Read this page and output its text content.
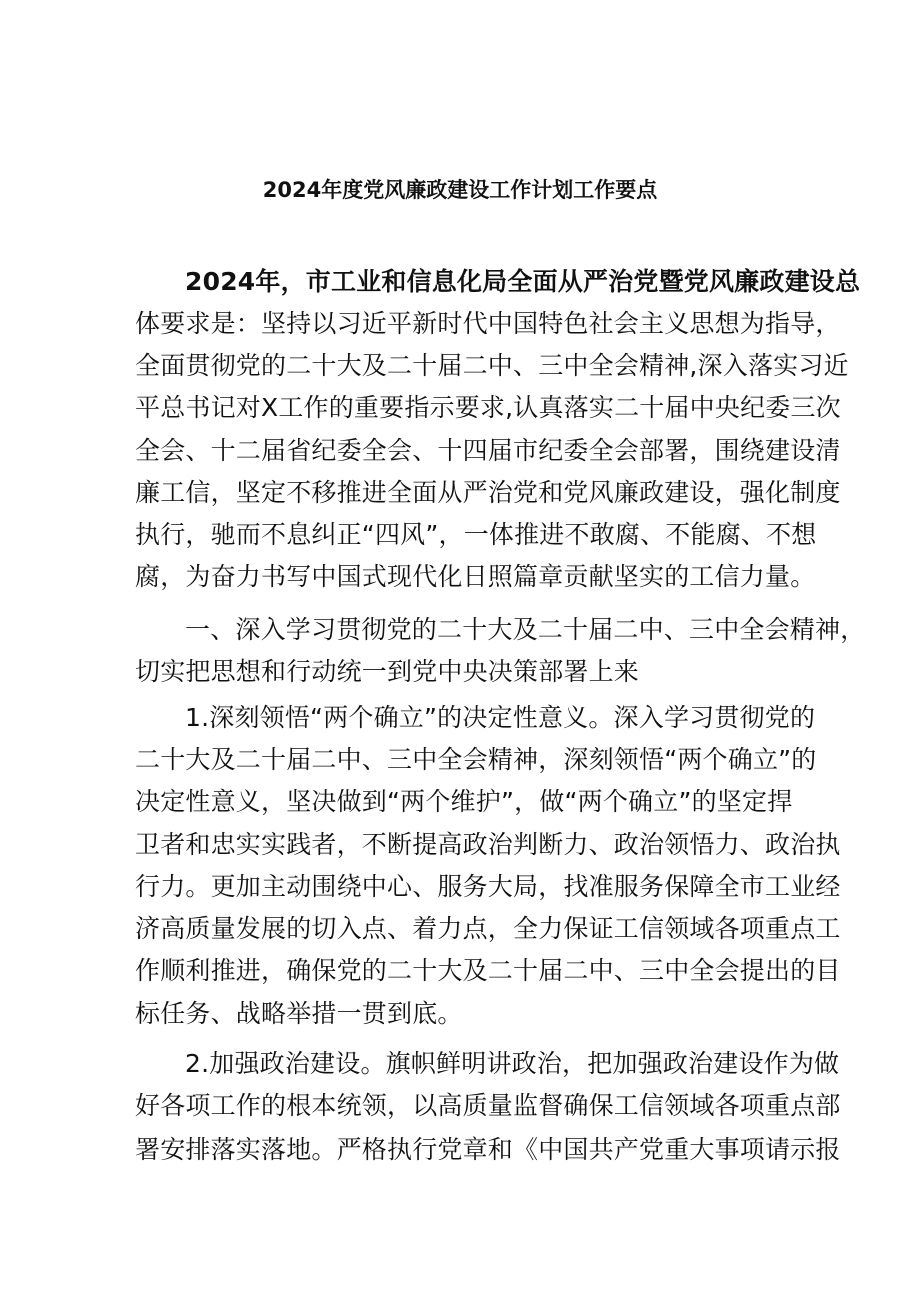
2024年度党风廉政建设工作计划工作要点
2024年，市工业和信息化局全面从严治党暨党风廉政建设总
体要求是：坚持以习近平新时代中国特色社会主义思想为指导，
全面贯彻党的二十大及二十届二中、三中全会精神,深入落实习近
平总书记对X工作的重要指示要求,认真落实二十届中央纪委三次
全会、十二届省纪委全会、十四届市纪委全会部署，围绕建设清
廉工信，坚定不移推进全面从严治党和党风廉政建设，强化制度
执行，驰而不息纠正“四风”，一体推进不敢腐、不能腐、不想
腐，为奋力书写中国式现代化日照篇章贡献坚实的工信力量。
一、深入学习贯彻党的二十大及二十届二中、三中全会精神，
切实把思想和行动统一到党中央决策部署上来
1.深刻领悟“两个确立”的决定性意义。深入学习贯彻党的
二十大及二十届二中、三中全会精神，深刻领悟“两个确立”的
决定性意义，坚决做到“两个维护”，做“两个确立”的坚定捍
卫者和忠实实践者，不断提高政治判断力、政治领悟力、政治执
行力。更加主动围绕中心、服务大局，找准服务保障全市工业经
济高质量发展的切入点、着力点，全力保证工信领域各项重点工
作顺利推进，确保党的二十大及二十届二中、三中全会提出的目
标任务、战略举措一贯到底。
2.加强政治建设。旗帜鲜明讲政治，把加强政治建设作为做
好各项工作的根本统领，以高质量监督确保工信领域各项重点部
署安排落实落地。严格执行党章和《中国共产党重大事项请示报
